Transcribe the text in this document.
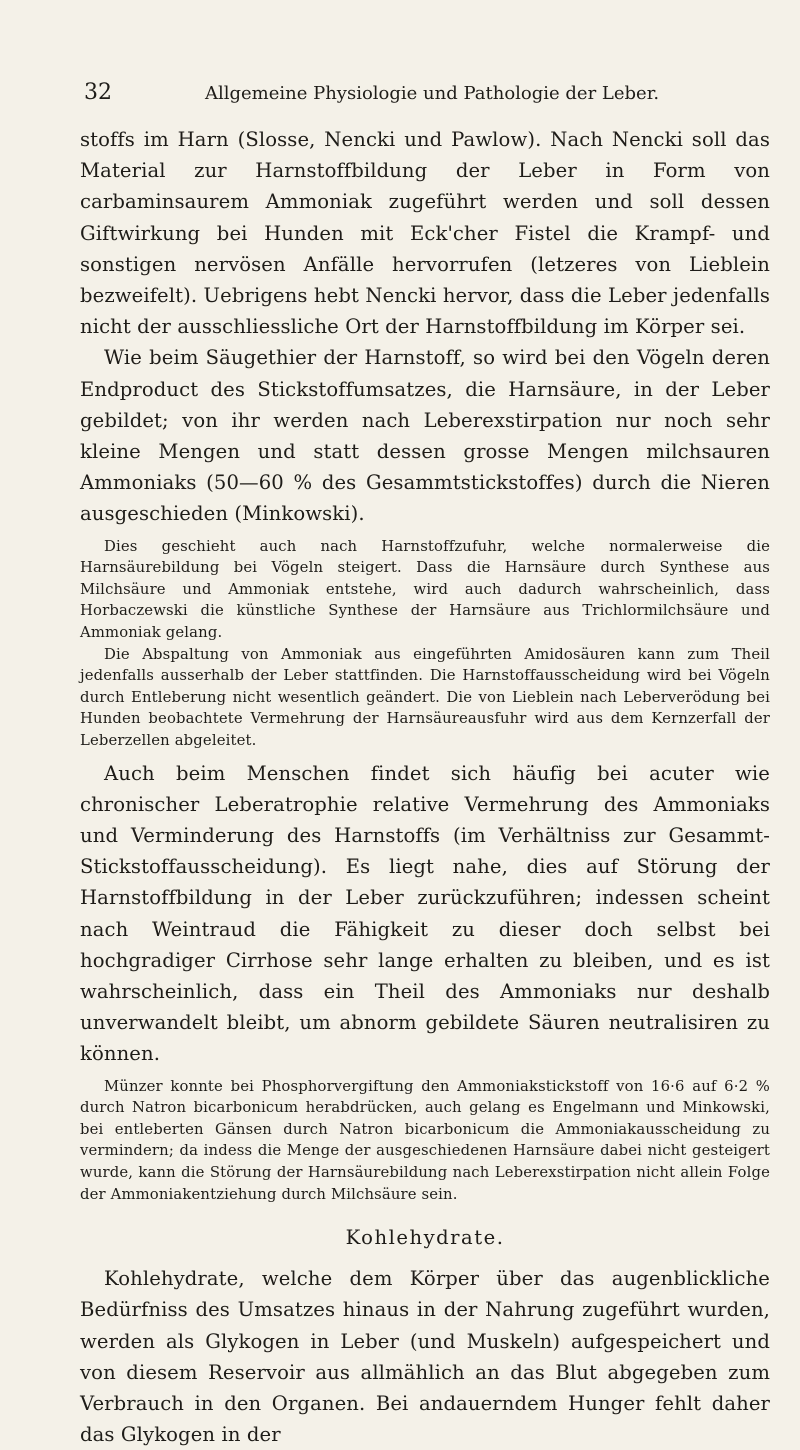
32	Allgemeine Physiologie und Pathologie der Leber.

stoffs im Harn (Slosse, Nencki und Pawlow). Nach Nencki soll das Material zur Harnstoffbildung der Leber in Form von carbaminsaurem Ammoniak zugeführt werden und soll dessen Giftwirkung bei Hunden mit Eck'cher Fistel die Krampf- und sonstigen nervösen Anfälle hervorrufen (letzeres von Lieblein bezweifelt). Uebrigens hebt Nencki hervor, dass die Leber jedenfalls nicht der ausschliessliche Ort der Harnstoffbildung im Körper sei.

Wie beim Säugethier der Harnstoff, so wird bei den Vögeln deren Endproduct des Stickstoffumsatzes, die Harnsäure, in der Leber gebildet; von ihr werden nach Leberexstirpation nur noch sehr kleine Mengen und statt dessen grosse Mengen milchsauren Ammoniaks (50—60 % des Gesammtstickstoffes) durch die Nieren ausgeschieden (Minkowski).

Dies geschieht auch nach Harnstoffzufuhr, welche normalerweise die Harnsäurebildung bei Vögeln steigert. Dass die Harnsäure durch Synthese aus Milchsäure und Ammoniak entstehe, wird auch dadurch wahrscheinlich, dass Horbaczewski die künstliche Synthese der Harnsäure aus Trichlormilchsäure und Ammoniak gelang.

Die Abspaltung von Ammoniak aus eingeführten Amidosäuren kann zum Theil jedenfalls ausserhalb der Leber stattfinden. Die Harnstoffausscheidung wird bei Vögeln durch Entleberung nicht wesentlich geändert. Die von Lieblein nach Leberverödung bei Hunden beobachtete Vermehrung der Harnsäureausfuhr wird aus dem Kernzerfall der Leberzellen abgeleitet.

Auch beim Menschen findet sich häufig bei acuter wie chronischer Leberatrophie relative Vermehrung des Ammoniaks und Verminderung des Harnstoffs (im Verhältniss zur Gesammt-Stickstoffausscheidung). Es liegt nahe, dies auf Störung der Harnstoffbildung in der Leber zurückzuführen; indessen scheint nach Weintraud die Fähigkeit zu dieser doch selbst bei hochgradiger Cirrhose sehr lange erhalten zu bleiben, und es ist wahrscheinlich, dass ein Theil des Ammoniaks nur deshalb unverwandelt bleibt, um abnorm gebildete Säuren neutralisiren zu können.

Münzer konnte bei Phosphorvergiftung den Ammoniakstickstoff von 16·6 auf 6·2 % durch Natron bicarbonicum herabdrücken, auch gelang es Engelmann und Minkowski, bei entleberten Gänsen durch Natron bicarbonicum die Ammoniakausscheidung zu vermindern; da indess die Menge der ausgeschiedenen Harnsäure dabei nicht gesteigert wurde, kann die Störung der Harnsäurebildung nach Leberexstirpation nicht allein Folge der Ammoniakentziehung durch Milchsäure sein.

Kohlehydrate.

Kohlehydrate, welche dem Körper über das augenblickliche Bedürfniss des Umsatzes hinaus in der Nahrung zugeführt wurden, werden als Glykogen in Leber (und Muskeln) aufgespeichert und von diesem Reservoir aus allmählich an das Blut abgegeben zum Verbrauch in den Organen. Bei andauerndem Hunger fehlt daher das Glykogen in der
